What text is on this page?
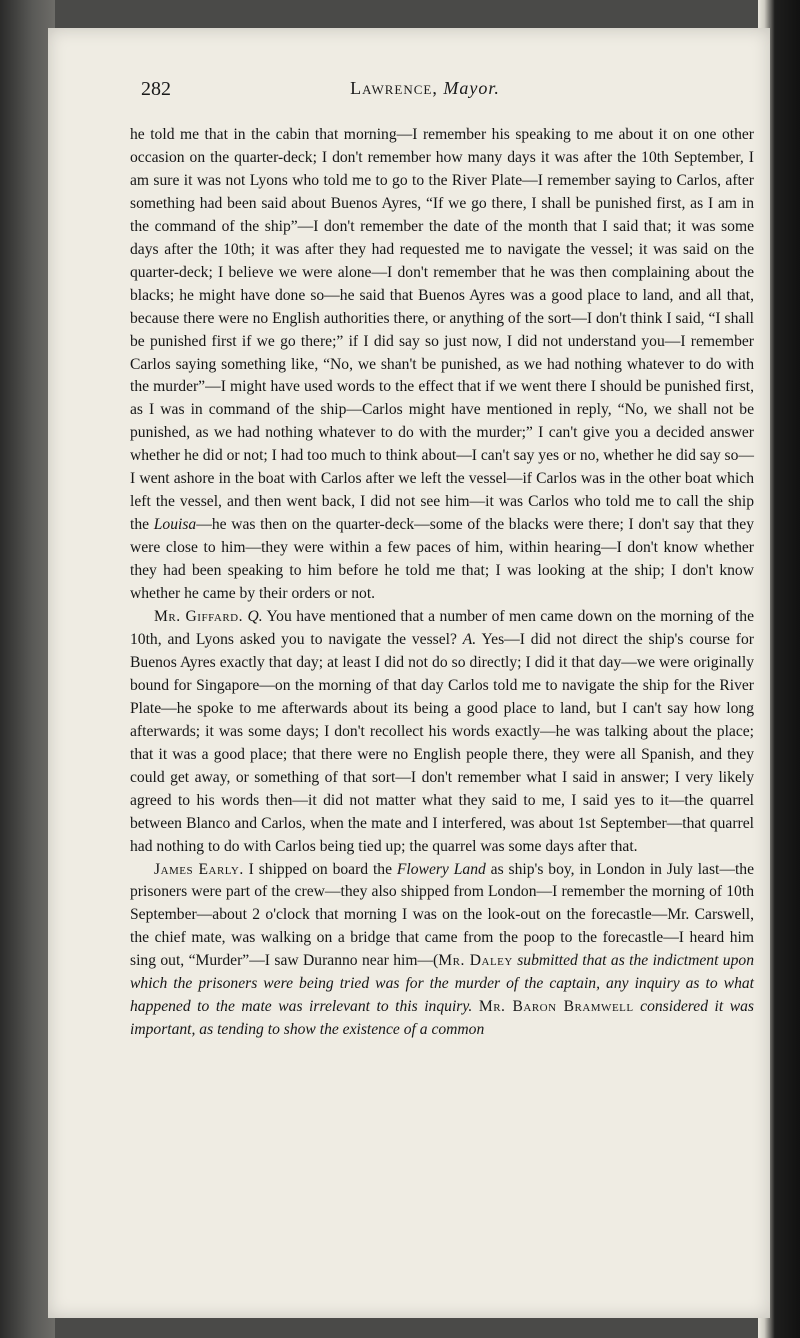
282	Lawrence, Mayor.

he told me that in the cabin that morning—I remember his speaking to me about it on one other occasion on the quarter-deck; I don't remember how many days it was after the 10th September, I am sure it was not Lyons who told me to go to the River Plate—I remember saying to Carlos, after something had been said about Buenos Ayres, “If we go there, I shall be punished first, as I am in the command of the ship”—I don't remember the date of the month that I said that; it was some days after the 10th; it was after they had requested me to navigate the vessel; it was said on the quarter-deck; I believe we were alone—I don't remember that he was then complaining about the blacks; he might have done so—he said that Buenos Ayres was a good place to land, and all that, because there were no English authorities there, or anything of the sort—I don't think I said, “I shall be punished first if we go there;” if I did say so just now, I did not understand you—I remember Carlos saying something like, “No, we shan't be punished, as we had nothing whatever to do with the murder”—I might have used words to the effect that if we went there I should be punished first, as I was in command of the ship—Carlos might have mentioned in reply, “No, we shall not be punished, as we had nothing whatever to do with the murder;” I can't give you a decided answer whether he did or not; I had too much to think about—I can't say yes or no, whether he did say so—I went ashore in the boat with Carlos after we left the vessel—if Carlos was in the other boat which left the vessel, and then went back, I did not see him—it was Carlos who told me to call the ship the Louisa—he was then on the quarter-deck—some of the blacks were there; I don't say that they were close to him—they were within a few paces of him, within hearing—I don't know whether they had been speaking to him before he told me that; I was looking at the ship; I don't know whether he came by their orders or not.

Mr. Giffard. Q. You have mentioned that a number of men came down on the morning of the 10th, and Lyons asked you to navigate the vessel? A. Yes—I did not direct the ship's course for Buenos Ayres exactly that day; at least I did not do so directly; I did it that day—we were originally bound for Singapore—on the morning of that day Carlos told me to navigate the ship for the River Plate—he spoke to me afterwards about its being a good place to land, but I can't say how long afterwards; it was some days; I don't recollect his words exactly—he was talking about the place; that it was a good place; that there were no English people there, they were all Spanish, and they could get away, or something of that sort—I don't remember what I said in answer; I very likely agreed to his words then—it did not matter what they said to me, I said yes to it—the quarrel between Blanco and Carlos, when the mate and I interfered, was about 1st September—that quarrel had nothing to do with Carlos being tied up; the quarrel was some days after that.

James Early. I shipped on board the Flowery Land as ship's boy, in London in July last—the prisoners were part of the crew—they also shipped from London—I remember the morning of 10th September—about 2 o'clock that morning I was on the look-out on the forecastle—Mr. Carswell, the chief mate, was walking on a bridge that came from the poop to the forecastle—I heard him sing out, “Murder”—I saw Duranno near him—(Mr. Daley submitted that as the indictment upon which the prisoners were being tried was for the murder of the captain, any inquiry as to what happened to the mate was irrelevant to this inquiry. Mr. Baron Bramwell considered it was important, as tending to show the existence of a common
